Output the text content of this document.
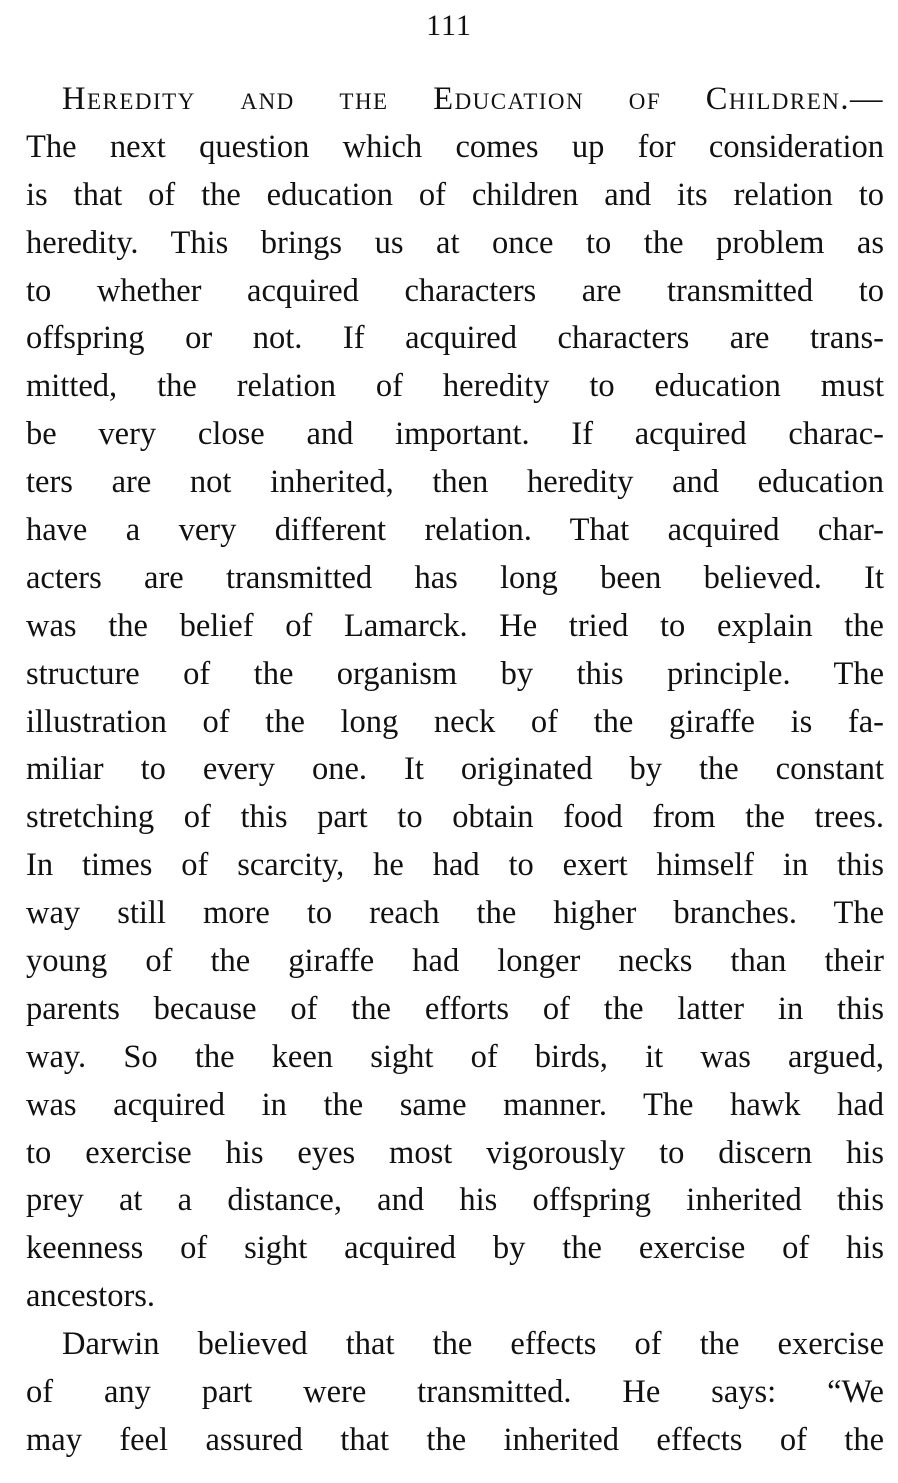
111
Heredity and the Education of Children.—
The next question which comes up for consideration
is that of the education of children and its relation to
heredity. This brings us at once to the problem as
to whether acquired characters are transmitted to
offspring or not. If acquired characters are trans-
mitted, the relation of heredity to education must
be very close and important. If acquired charac-
ters are not inherited, then heredity and education
have a very different relation. That acquired char-
acters are transmitted has long been believed. It
was the belief of Lamarck. He tried to explain the
structure of the organism by this principle. The
illustration of the long neck of the giraffe is fa-
miliar to every one. It originated by the constant
stretching of this part to obtain food from the trees.
In times of scarcity, he had to exert himself in this
way still more to reach the higher branches. The
young of the giraffe had longer necks than their
parents because of the efforts of the latter in this
way. So the keen sight of birds, it was argued,
was acquired in the same manner. The hawk had
to exercise his eyes most vigorously to discern his
prey at a distance, and his offspring inherited this
keenness of sight acquired by the exercise of his
ancestors.
Darwin believed that the effects of the exercise
of any part were transmitted. He says: “We
may feel assured that the inherited effects of the
